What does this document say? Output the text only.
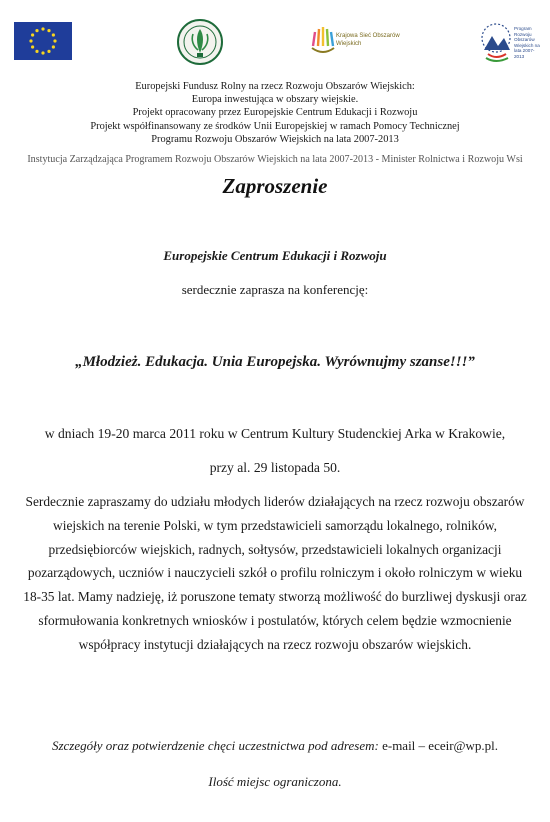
Krajowa Sieć Obszarów Wiejskich
Program Rozwoju Obszarów Wiejskich na lata 2007-2013
Europejski Fundusz Rolny na rzecz Rozwoju Obszarów Wiejskich:
Europa inwestująca w obszary wiejskie.
Projekt opracowany przez Europejskie Centrum Edukacji i Rozwoju
Projekt współfinansowany ze środków Unii Europejskiej w ramach Pomocy Technicznej
Programu Rozwoju Obszarów Wiejskich na lata 2007-2013
Instytucja Zarządzająca Programem Rozwoju Obszarów Wiejskich na lata 2007-2013 - Minister Rolnictwa i Rozwoju Wsi
Zaproszenie
Europejskie Centrum Edukacji i Rozwoju
serdecznie zaprasza na konferencję:
„Młodzież. Edukacja. Unia Europejska. Wyrównujmy szanse!!!”
w dniach 19-20 marca 2011 roku w Centrum Kultury Studenckiej Arka w Krakowie,
przy al. 29 listopada 50.
Serdecznie zapraszamy do udziału młodych liderów działających na rzecz rozwoju obszarów
wiejskich na terenie Polski, w tym przedstawicieli samorządu lokalnego, rolników,
przedsiębiorców wiejskich, radnych, sołtysów, przedstawicieli lokalnych organizacji
pozarządowych, uczniów i nauczycieli szkół o profilu rolniczym i około rolniczym w wieku
18-35 lat. Mamy nadzieję, iż poruszone tematy stworzą możliwość do burzliwej dyskusji oraz
sformułowania konkretnych wniosków i postulatów, których celem będzie wzmocnienie
współpracy instytucji działających na rzecz rozwoju obszarów wiejskich.
Szczegóły oraz potwierdzenie chęci uczestnictwa pod adresem: e-mail – eceir@wp.pl.
Ilość miejsc ograniczona.
